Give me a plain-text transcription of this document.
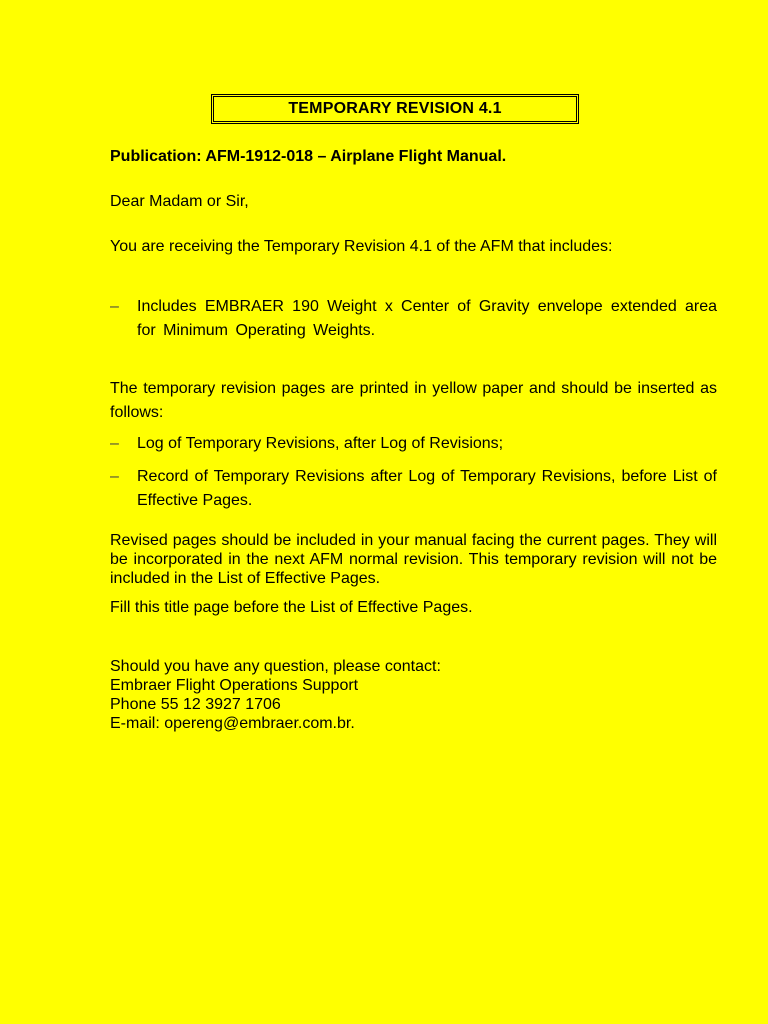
TEMPORARY REVISION 4.1
Publication: AFM-1912-018 – Airplane Flight Manual.
Dear Madam or Sir,
You are receiving the Temporary Revision 4.1 of the AFM that includes:
–	Includes EMBRAER 190 Weight x Center of Gravity envelope extended area for Minimum Operating Weights.
The temporary revision pages are printed in yellow paper and should be inserted as follows:
–	Log of Temporary Revisions, after Log of Revisions;
–	Record of Temporary Revisions after Log of Temporary Revisions, before List of Effective Pages.
Revised pages should be included in your manual facing the current pages. They will be incorporated in the next AFM normal revision. This temporary revision will not be included in the List of Effective Pages.
Fill this title page before the List of Effective Pages.
Should you have any question, please contact:
Embraer Flight Operations Support
Phone 55 12 3927 1706
E-mail: opereng@embraer.com.br.
